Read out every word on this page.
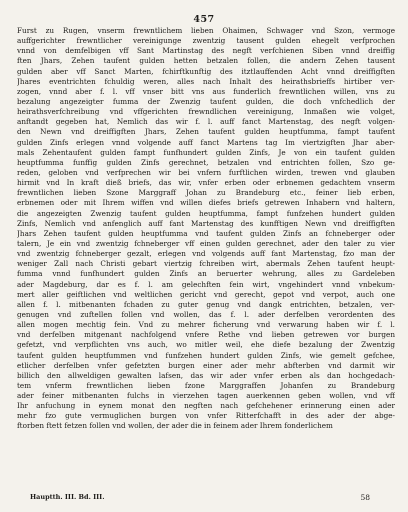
457
Furst zu Rugen, vnserm frewntlichem lieben Ohaimen, Schwager vnd Szon, vermoge
auffgerichter frewntlicher vereinigunge zwentzig tausent gulden ehegelt verfprochen
vnnd von demfelbigen vff Sant Martinstag des negft verfchienen Siben vnnd dreiffig
ften Jhars, Zehen taufent gulden hetten betzalen follen, die andern Zehen tausent
gulden aber vff Sanct Marten, fchirftkunftig des itztlauffenden Acht vnnd dreiffigften
Jhares eventrichten fchuldig weren, alles nach Inhalt des heirathsbrieffs hirtiber ver-
zogen, vnnd aber f. l. vff vnser bitt vns aus funderlich frewntlichen willen, vns zu
bezalung angezeigter fumma der Zwenzig taufent gulden, die doch vnfchedlich der
heirathsverfchreibung vnd vffgerichten frewndlichen vereinigung, Inmaßen wie volget,
anftandt gegeben hat, Nemlich das wir f. l. auff fanct Martenstag, des negft volgen-
den Newn vnd dreiffigften Jhars, Zehen taufent gulden heuptfumma, fampt taufent
gulden Zinfs erlegen vnnd volgende auff fanct Martens tag Im viertzigften Jhar aber-
mals Zehentaufent gulden fampt funfhundert gulden Zinfs, Je von ein taufent gulden
heuptfumma funffig gulden Zinfs gerechnet, betzalen vnd entrichten follen, Szo ge-
reden, geloben vnd verfprechen wir bei vnfern furftlichen wirden, trewen vnd glauben
hirmit vnd In kraft dieß briefs, das wir, vnfer erben oder erbnemen gedachtem vnserm
frewntlichen lieben Szone Marggraff Johan zu Brandeburg etc., feiner lieb erben,
erbnemen oder mit Ihrem wiffen vnd willen diefes briefs getrewen Inhabern vnd haltern,
die angezeigten Zwenzig taufent gulden heuptfumma, fampt funfzehen hundert gulden
Zinfs, Nemlich vnd anfenglich auff fant Martenstag des kunfftigen Newn vnd dreiffigften
Jhars Zehen taufent gulden heuptfumma vnd taufent gulden Zinfs an fchneberger oder
talern, Je ein vnd zwentzig fchneberger vff einen gulden gerechnet, ader den taler zu vier
vnd zwentzig fchneberger gezalt, erlegen vnd volgends auff fant Martenstag, fzo man der
weniger Zall nach Christi gebart viertzig fchreiben wirt, abermals Zehen taufent heupt-
fumma vnnd funfhundert gulden Zinfs an beruerter wehrung, alles zu Gardeleben
ader Magdeburg, dar es f. l. am gelechften fein wirt, vngehindert vnnd vnbekum-
mert aller geiftlichen vnd weltlichen gericht vnd gerecht, gepot vnd verpot, auch one
allen f. l. mitbenanten fchaden zu guter genug vnd dangk entrichten, betzalen, ver-
genugen vnd zuftellen follen vnd wollen, das f. l. ader derfelben verordenten des
allen mogen mechtig fein. Vnd zu mehrer ficherung vnd verwarung haben wir f. l.
vnd derfelben mitgenant nachfolgend vnfere Rethe vnd lieben getrewen vor burgen
gefetzt, vnd verpflichten vns auch, wo mitler weil, ehe diefe bezalung der Zwentzig
taufent gulden heuptfummen vnd funfzehen hundert gulden Zinfs, wie gemelt gefchee,
etlicher derfelben vnfer gefetzten burgen einer ader mehr abfterben vnd darmit wir
billich den allweldigen gewalten lafsen, das wir ader vnfer erben als dan hochgedach-
tem vnferm frewntlichen lieben fzone Marggraffen Johanfen zu Brandeburg
ader feiner mitbenanten fulchs in vierzehen tagen auerkennen geben wollen, vnd vff
Ihr anfuchung in eynem monat den negften nach gefchehener erinnerung einen ader
mehr fzo gute vermuglichen burgen von vnfer Ritterfchafft in des ader der abge-
ftorben ftett fetzen follen vnd wollen, der ader die in feinem ader Ihrem fonderlichem
Hauptth. III. Bd. III.	58
